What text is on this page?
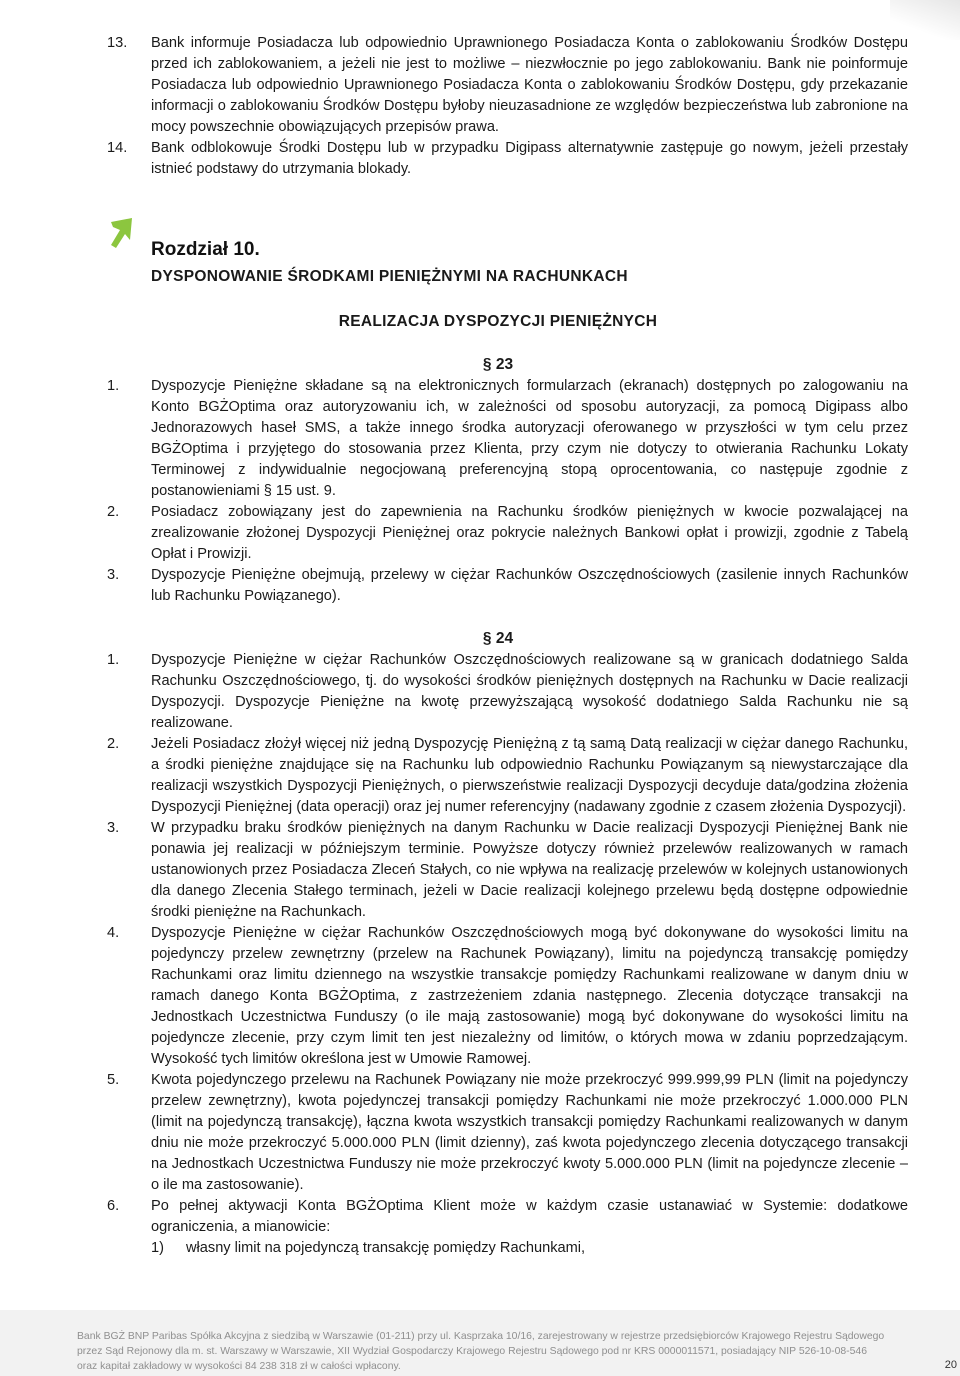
13. Bank informuje Posiadacza lub odpowiednio Uprawnionego Posiadacza Konta o zablokowaniu Środków Dostępu przed ich zablokowaniem, a jeżeli nie jest to możliwe – niezwłocznie po jego zablokowaniu. Bank nie poinformuje Posiadacza lub odpowiednio Uprawnionego Posiadacza Konta o zablokowaniu Środków Dostępu, gdy przekazanie informacji o zablokowaniu Środków Dostępu byłoby nieuzasadnione ze względów bezpieczeństwa lub zabronione na mocy powszechnie obowiązujących przepisów prawa.
14. Bank odblokowuje Środki Dostępu lub w przypadku Digipass alternatywnie zastępuje go nowym, jeżeli przestały istnieć podstawy do utrzymania blokady.
Rozdział 10.
DYSPONOWANIE ŚRODKAMI PIENIĘŻNYMI NA RACHUNKACH
REALIZACJA DYSPOZYCJI PIENIĘŻNYCH
§ 23
1. Dyspozycje Pieniężne składane są na elektronicznych formularzach (ekranach) dostępnych po zalogowaniu na Konto BGŻOptima oraz autoryzowaniu ich, w zależności od sposobu autoryzacji, za pomocą Digipass albo Jednorazowych haseł SMS, a także innego środka autoryzacji oferowanego w przyszłości w tym celu przez BGŻOptima i przyjętego do stosowania przez Klienta, przy czym nie dotyczy to otwierania Rachunku Lokaty Terminowej z indywidualnie negocjowaną preferencyjną stopą oprocentowania, co następuje zgodnie z postanowieniami § 15 ust. 9.
2. Posiadacz zobowiązany jest do zapewnienia na Rachunku środków pieniężnych w kwocie pozwalającej na zrealizowanie złożonej Dyspozycji Pieniężnej oraz pokrycie należnych Bankowi opłat i prowizji, zgodnie z Tabelą Opłat i Prowizji.
3. Dyspozycje Pieniężne obejmują, przelewy w ciężar Rachunków Oszczędnościowych (zasilenie innych Rachunków lub Rachunku Powiązanego).
§ 24
1. Dyspozycje Pieniężne w ciężar Rachunków Oszczędnościowych realizowane są w granicach dodatniego Salda Rachunku Oszczędnościowego, tj. do wysokości środków pieniężnych dostępnych na Rachunku w Dacie realizacji Dyspozycji. Dyspozycje Pieniężne na kwotę przewyższającą wysokość dodatniego Salda Rachunku nie są realizowane.
2. Jeżeli Posiadacz złożył więcej niż jedną Dyspozycję Pieniężną z tą samą Datą realizacji w ciężar danego Rachunku, a środki pieniężne znajdujące się na Rachunku lub odpowiednio Rachunku Powiązanym są niewystarczające dla realizacji wszystkich Dyspozycji Pieniężnych, o pierwszeństwie realizacji Dyspozycji decyduje data/godzina złożenia Dyspozycji Pieniężnej (data operacji) oraz jej numer referencyjny (nadawany zgodnie z czasem złożenia Dyspozycji).
3. W przypadku braku środków pieniężnych na danym Rachunku w Dacie realizacji Dyspozycji Pieniężnej Bank nie ponawia jej realizacji w późniejszym terminie. Powyższe dotyczy również przelewów realizowanych w ramach ustanowionych przez Posiadacza Zleceń Stałych, co nie wpływa na realizację przelewów w kolejnych ustanowionych dla danego Zlecenia Stałego terminach, jeżeli w Dacie realizacji kolejnego przelewu będą dostępne odpowiednie środki pieniężne na Rachunkach.
4. Dyspozycje Pieniężne w ciężar Rachunków Oszczędnościowych mogą być dokonywane do wysokości limitu na pojedynczy przelew zewnętrzny (przelew na Rachunek Powiązany), limitu na pojedynczą transakcję pomiędzy Rachunkami oraz limitu dziennego na wszystkie transakcje pomiędzy Rachunkami realizowane w danym dniu w ramach danego Konta BGŻOptima, z zastrzeżeniem zdania następnego. Zlecenia dotyczące transakcji na Jednostkach Uczestnictwa Funduszy (o ile mają zastosowanie) mogą być dokonywane do wysokości limitu na pojedyncze zlecenie, przy czym limit ten jest niezależny od limitów, o których mowa w zdaniu poprzedzającym. Wysokość tych limitów określona jest w Umowie Ramowej.
5. Kwota pojedynczego przelewu na Rachunek Powiązany nie może przekroczyć 999.999,99 PLN (limit na pojedynczy przelew zewnętrzny), kwota pojedynczej transakcji pomiędzy Rachunkami nie może przekroczyć 1.000.000 PLN (limit na pojedynczą transakcję), łączna kwota wszystkich transakcji pomiędzy Rachunkami realizowanych w danym dniu nie może przekroczyć 5.000.000 PLN (limit dzienny), zaś kwota pojedynczego zlecenia dotyczącego transakcji na Jednostkach Uczestnictwa Funduszy nie może przekroczyć kwoty 5.000.000 PLN (limit na pojedyncze zlecenie – o ile ma zastosowanie).
6. Po pełnej aktywacji Konta BGŻOptima Klient może w każdym czasie ustanawiać w Systemie: dodatkowe ograniczenia, a mianowicie:
1) własny limit na pojedynczą transakcję pomiędzy Rachunkami,
Bank BGŻ BNP Paribas Spółka Akcyjna z siedzibą w Warszawie (01-211) przy ul. Kasprzaka 10/16, zarejestrowany w rejestrze przedsiębiorców Krajowego Rejestru Sądowego
przez Sąd Rejonowy dla m. st. Warszawy w Warszawie, XII Wydział Gospodarczy Krajowego Rejestru Sądowego pod nr KRS 0000011571, posiadający NIP 526-10-08-546
oraz kapitał zakładowy w wysokości 84 238 318 zł w całości wpłacony.	20
